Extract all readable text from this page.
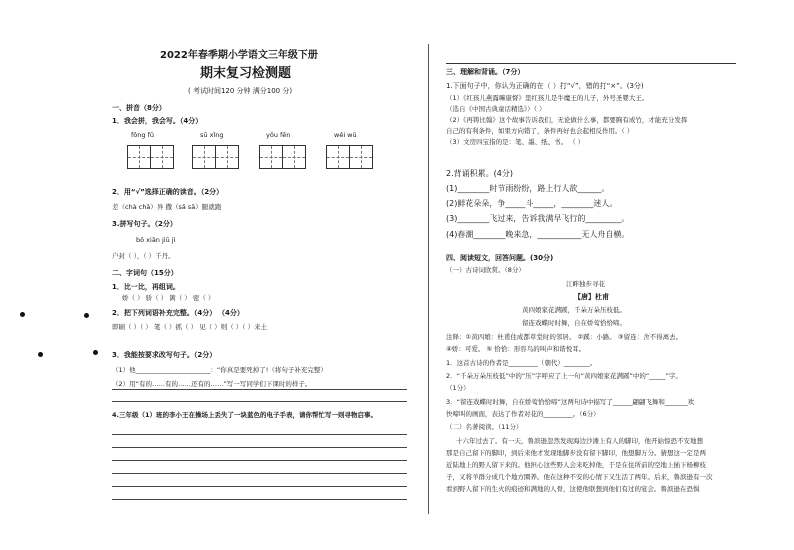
2022年春季期小学语文三年级下册
期末复习检测题
( 考试时间120 分钟 满分100 分)
一、拼音（8分）
1．我会拼，我会写。（4分）
fǒng fū	sū xǐng	yǒu fēn	wěi wū
2．用“√”选择正确的读音。（2分）
差（chà chā）异 撒（sǎ sā）腿就跑
3.拼写句子。（2分）
bō xiān jiū jì
户封（ ），（ ）千丹。
二、字词句（15分）
1．比一比，再组词。
（4分）
娇（ ） 骄（ ） 篱（ ） 密（ ）
2．把下列词语补充完整。（4分）
即刷（ ）（ ） 笔（ ）抓（ ） 见（ ）则（ ）（ ）来土
3．我能按要求改写句子。（2分）
（1）他_______________________：“你真是要死掉了!（将句子补充完整）
（2）用“有的……有的……还有的……”写一写同学们下课时的样子。
4.三年级（1）班的李小王在操场上丢失了一块蓝色的电子手表，请你帮忙写一则寻物启事。
三、理解和背诵。（7分）
1.下面句子中，你认为正确的在（ ）打“√”，错的打“×”。(3分)
（1）《红孩儿燕露嘛康督》里红孩儿是牛魔王的儿子，外号圣婴大王。
（选自《中国古典童话精选》）（ ）
（2）《再铸比翰》这个故事告诉我们，无论做什么事，都要胸有成竹，才能充分发挥
自己的有利条件，如果方向错了，条件再好也会起相反作用。（ ）
（3）文房四宝指的是：笔、墨、纸、书。 （ ）
2.背诵积累。(4分)
(1)________时节雨纷纷，路上行人欲______。
(2)鲜花朵朵，争_____斗_____，________迷人。
(3)________飞过来，告诉我满早飞行的_________。
(4)春潮________晚来急，___________无人舟自横。
四、阅读短文，回答问题。(30分)
（一）古诗词欣赏。（8分）
江畔独步寻花
【唐】杜甫
黄四娘家花满蹊，千朵万朵压枝低。
留连戏蝶时时舞，自在娇莺恰恰啼。
注释：①黄四娘：杜甫住成都草堂时的邻居。 ②蹊：小路。 ③留连：舍不得离去。
④娇：可爱。 ⑤ 恰恰：形容鸟的叫声和谐悦耳。
1．这首古诗的作者是_________（朝代）________。
2．“千朵万朵压枝低”中的“压”字呼应了上一句“黄四娘家花满蹊”中的“_____”字。
（1分）
3．“留连戏蝶时时舞，自在娇莺恰恰啼”这两句诗中描写了______翩翩飞舞和_______欢
快啼叫的画面，表达了作者对花的_________。（6分）
（二）名著阅读。（11分）
十六年过去了。有一天，鲁滨逊忽然发现海边沙滩上有人的脚印，他开始惊恐不安地想
那是自己留下的脚印，到后来他才发现地脚步没有留下脚印，他想脚万分。猜想这一定是两
近陆地上的野人留下来的。他担心这些野人会来吃掉他，于是在住所前的空地上插下杨柳枝
子，又将羊群分成几个地方圈养。他在这种不安的心情下又生活了两年。后来，鲁滨逊有一次
看到野人留下的生火的痕迹和满地的人骨，这使他联想到他们有过的宴会。鲁滨逊在恐惧
